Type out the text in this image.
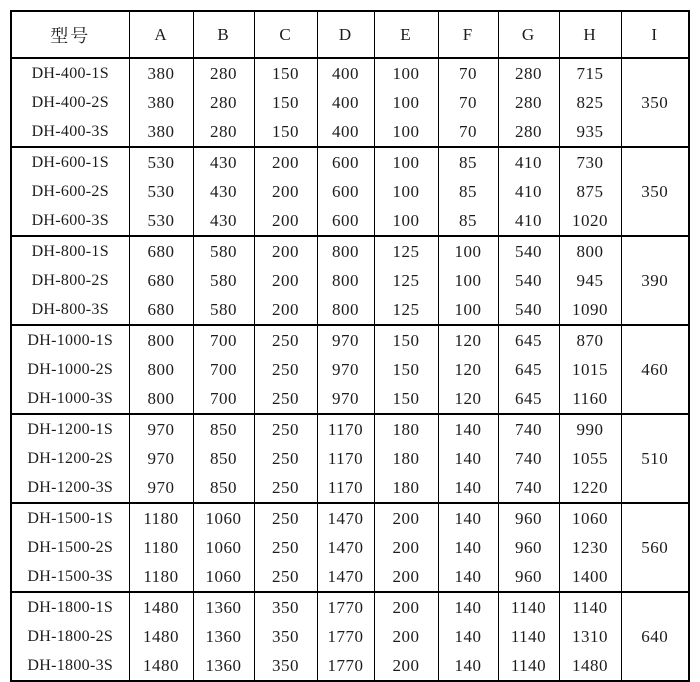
型号	A	B	C	D	E	F	G	H	I
DH-400-1S	380	280	150	400	100	70	280	715	350
DH-400-2S	380	280	150	400	100	70	280	825	
DH-400-3S	380	280	150	400	100	70	280	935	
DH-600-1S	530	430	200	600	100	85	410	730	350
DH-600-2S	530	430	200	600	100	85	410	875	
DH-600-3S	530	430	200	600	100	85	410	1020	
DH-800-1S	680	580	200	800	125	100	540	800	390
DH-800-2S	680	580	200	800	125	100	540	945	
DH-800-3S	680	580	200	800	125	100	540	1090	
DH-1000-1S	800	700	250	970	150	120	645	870	460
DH-1000-2S	800	700	250	970	150	120	645	1015	
DH-1000-3S	800	700	250	970	150	120	645	1160	
DH-1200-1S	970	850	250	1170	180	140	740	990	510
DH-1200-2S	970	850	250	1170	180	140	740	1055	
DH-1200-3S	970	850	250	1170	180	140	740	1220	
DH-1500-1S	1180	1060	250	1470	200	140	960	1060	560
DH-1500-2S	1180	1060	250	1470	200	140	960	1230	
DH-1500-3S	1180	1060	250	1470	200	140	960	1400	
DH-1800-1S	1480	1360	350	1770	200	140	1140	1140	640
DH-1800-2S	1480	1360	350	1770	200	140	1140	1310	
DH-1800-3S	1480	1360	350	1770	200	140	1140	1480	
